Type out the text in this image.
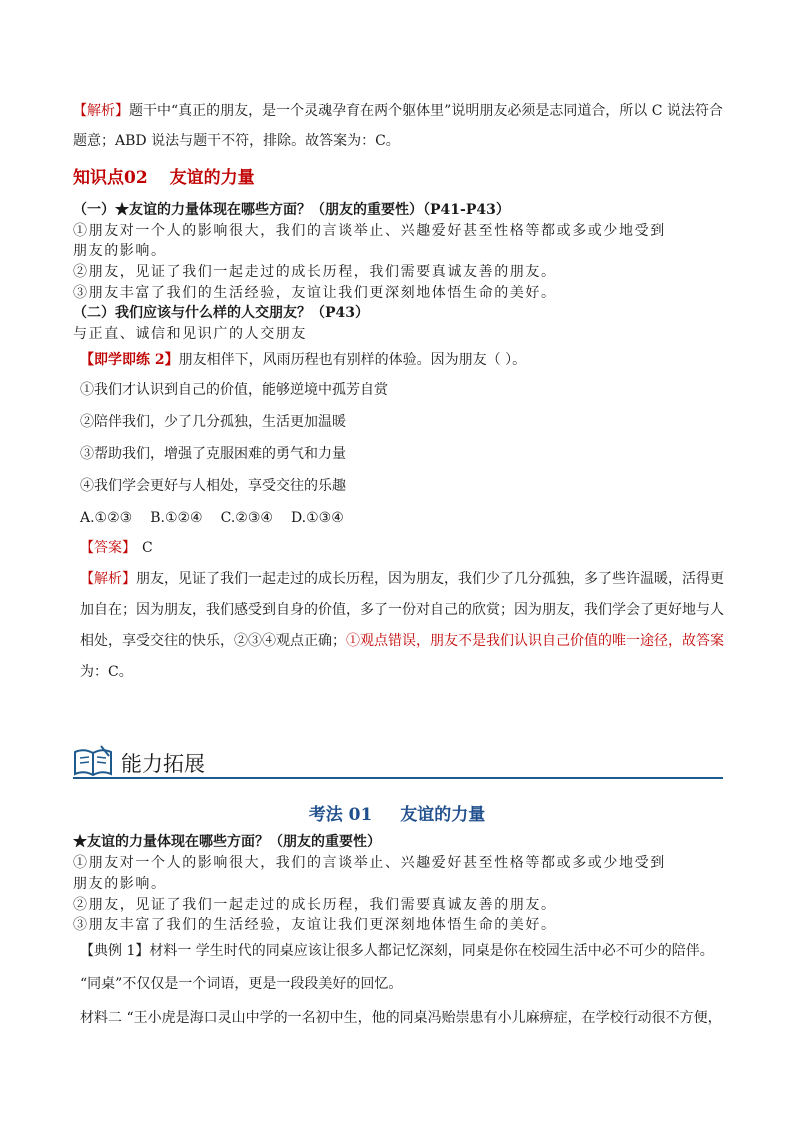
【解析】题干中“真正的朋友，是一个灵魂孕育在两个躯体里”说明朋友必须是志同道合，所以 C 说法符合
题意；ABD 说法与题干不符，排除。故答案为：C。
知识点02 友谊的力量
（一）★友谊的力量体现在哪些方面？（朋友的重要性）（P41-P43）
①朋友对一个人的影响很大，我们的言谈举止、兴趣爱好甚至性格等都或多或少地受到
朋友的影响。
②朋友，见证了我们一起走过的成长历程，我们需要真诚友善的朋友。
③朋友丰富了我们的生活经验，友谊让我们更深刻地体悟生命的美好。
（二）我们应该与什么样的人交朋友？（P43）
与正直、诚信和见识广的人交朋友
【即学即练 2】朋友相伴下，风雨历程也有别样的体验。因为朋友（ ）。
①我们才认识到自己的价值，能够逆境中孤芳自赏
②陪伴我们，少了几分孤独，生活更加温暖
③帮助我们，增强了克服困难的勇气和力量
④我们学会更好与人相处，享受交往的乐趣
A.①②③ B.①②④ C.②③④ D.①③④
【答案】 C
【解析】朋友，见证了我们一起走过的成长历程，因为朋友，我们少了几分孤独，多了些许温暖，活得更
加自在；因为朋友，我们感受到自身的价值，多了一份对自己的欣赏；因为朋友，我们学会了更好地与人
相处，享受交往的快乐，②③④观点正确；①观点错误，朋友不是我们认识自己价值的唯一途径，故答案
为：C。
能力拓展
考法 01 友谊的力量
★友谊的力量体现在哪些方面？（朋友的重要性）
①朋友对一个人的影响很大，我们的言谈举止、兴趣爱好甚至性格等都或多或少地受到
朋友的影响。
②朋友，见证了我们一起走过的成长历程，我们需要真诚友善的朋友。
③朋友丰富了我们的生活经验，友谊让我们更深刻地体悟生命的美好。
【典例 1】材料一 学生时代的同桌应该让很多人都记忆深刻，同桌是你在校园生活中必不可少的陪伴。
“同桌”不仅仅是一个词语，更是一段段美好的回忆。
材料二 “王小虎是海口灵山中学的一名初中生，他的同桌冯贻崇患有小儿麻痹症，在学校行动很不方便，
